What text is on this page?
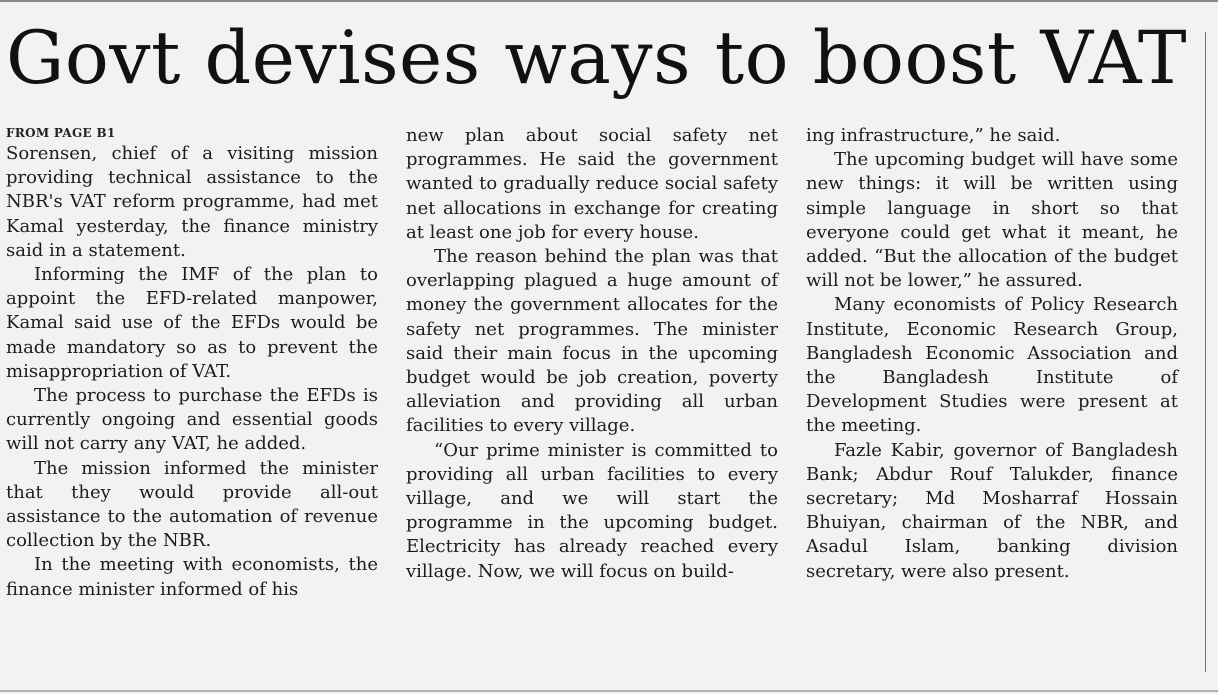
Govt devises ways to boost VAT
FROM PAGE B1

Sorensen, chief of a visiting mission providing technical assistance to the NBR's VAT reform programme, had met Kamal yesterday, the finance ministry said in a statement.

Informing the IMF of the plan to appoint the EFD-related manpower, Kamal said use of the EFDs would be made mandatory so as to prevent the misappropriation of VAT.

The process to purchase the EFDs is currently ongoing and essential goods will not carry any VAT, he added.

The mission informed the minister that they would provide all-out assistance to the automation of revenue collection by the NBR.

In the meeting with economists, the finance minister informed of his

new plan about social safety net programmes. He said the government wanted to gradually reduce social safety net allocations in exchange for creating at least one job for every house.

The reason behind the plan was that overlapping plagued a huge amount of money the government allocates for the safety net programmes. The minister said their main focus in the upcoming budget would be job creation, poverty alleviation and providing all urban facilities to every village.

“Our prime minister is committed to providing all urban facilities to every village, and we will start the programme in the upcoming budget. Electricity has already reached every village. Now, we will focus on build-

ing infrastructure,” he said.

The upcoming budget will have some new things: it will be written using simple language in short so that everyone could get what it meant, he added. “But the allocation of the budget will not be lower,” he assured.

Many economists of Policy Research Institute, Economic Research Group, Bangladesh Economic Association and the Bangladesh Institute of Development Studies were present at the meeting.

Fazle Kabir, governor of Bangladesh Bank; Abdur Rouf Talukder, finance secretary; Md Mosharraf Hossain Bhuiyan, chairman of the NBR, and Asadul Islam, banking division secretary, were also present.
